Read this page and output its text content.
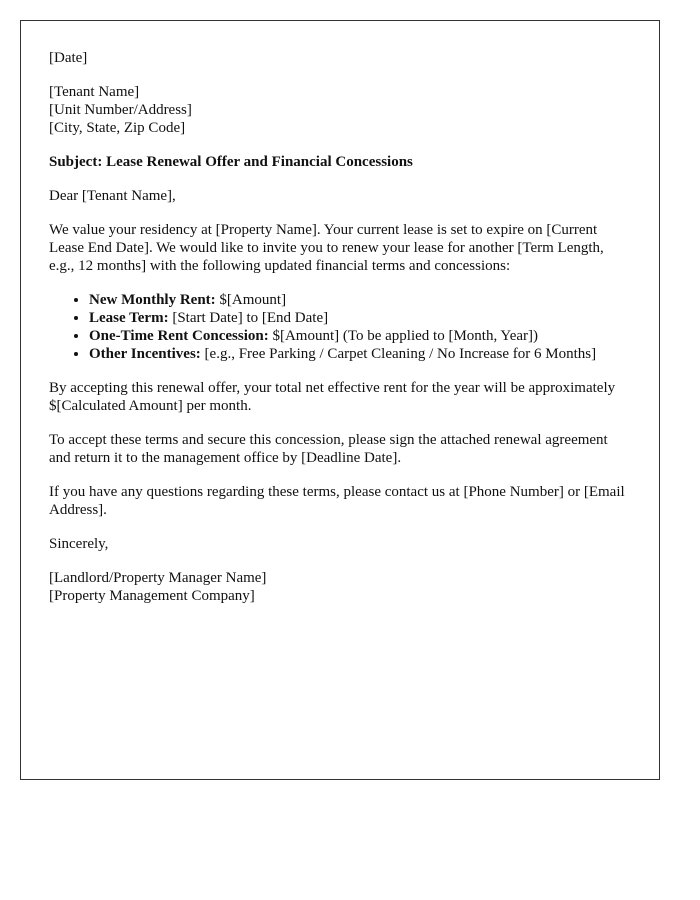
[Date]

[Tenant Name]
[Unit Number/Address]
[City, State, Zip Code]

Subject: Lease Renewal Offer and Financial Concessions

Dear [Tenant Name],

We value your residency at [Property Name]. Your current lease is set to expire on [Current Lease End Date]. We would like to invite you to renew your lease for another [Term Length, e.g., 12 months] with the following updated financial terms and concessions:

• New Monthly Rent: $[Amount]
• Lease Term: [Start Date] to [End Date]
• One-Time Rent Concession: $[Amount] (To be applied to [Month, Year])
• Other Incentives: [e.g., Free Parking / Carpet Cleaning / No Increase for 6 Months]

By accepting this renewal offer, your total net effective rent for the year will be approximately $[Calculated Amount] per month.

To accept these terms and secure this concession, please sign the attached renewal agreement and return it to the management office by [Deadline Date].

If you have any questions regarding these terms, please contact us at [Phone Number] or [Email Address].

Sincerely,

[Landlord/Property Manager Name]
[Property Management Company]
